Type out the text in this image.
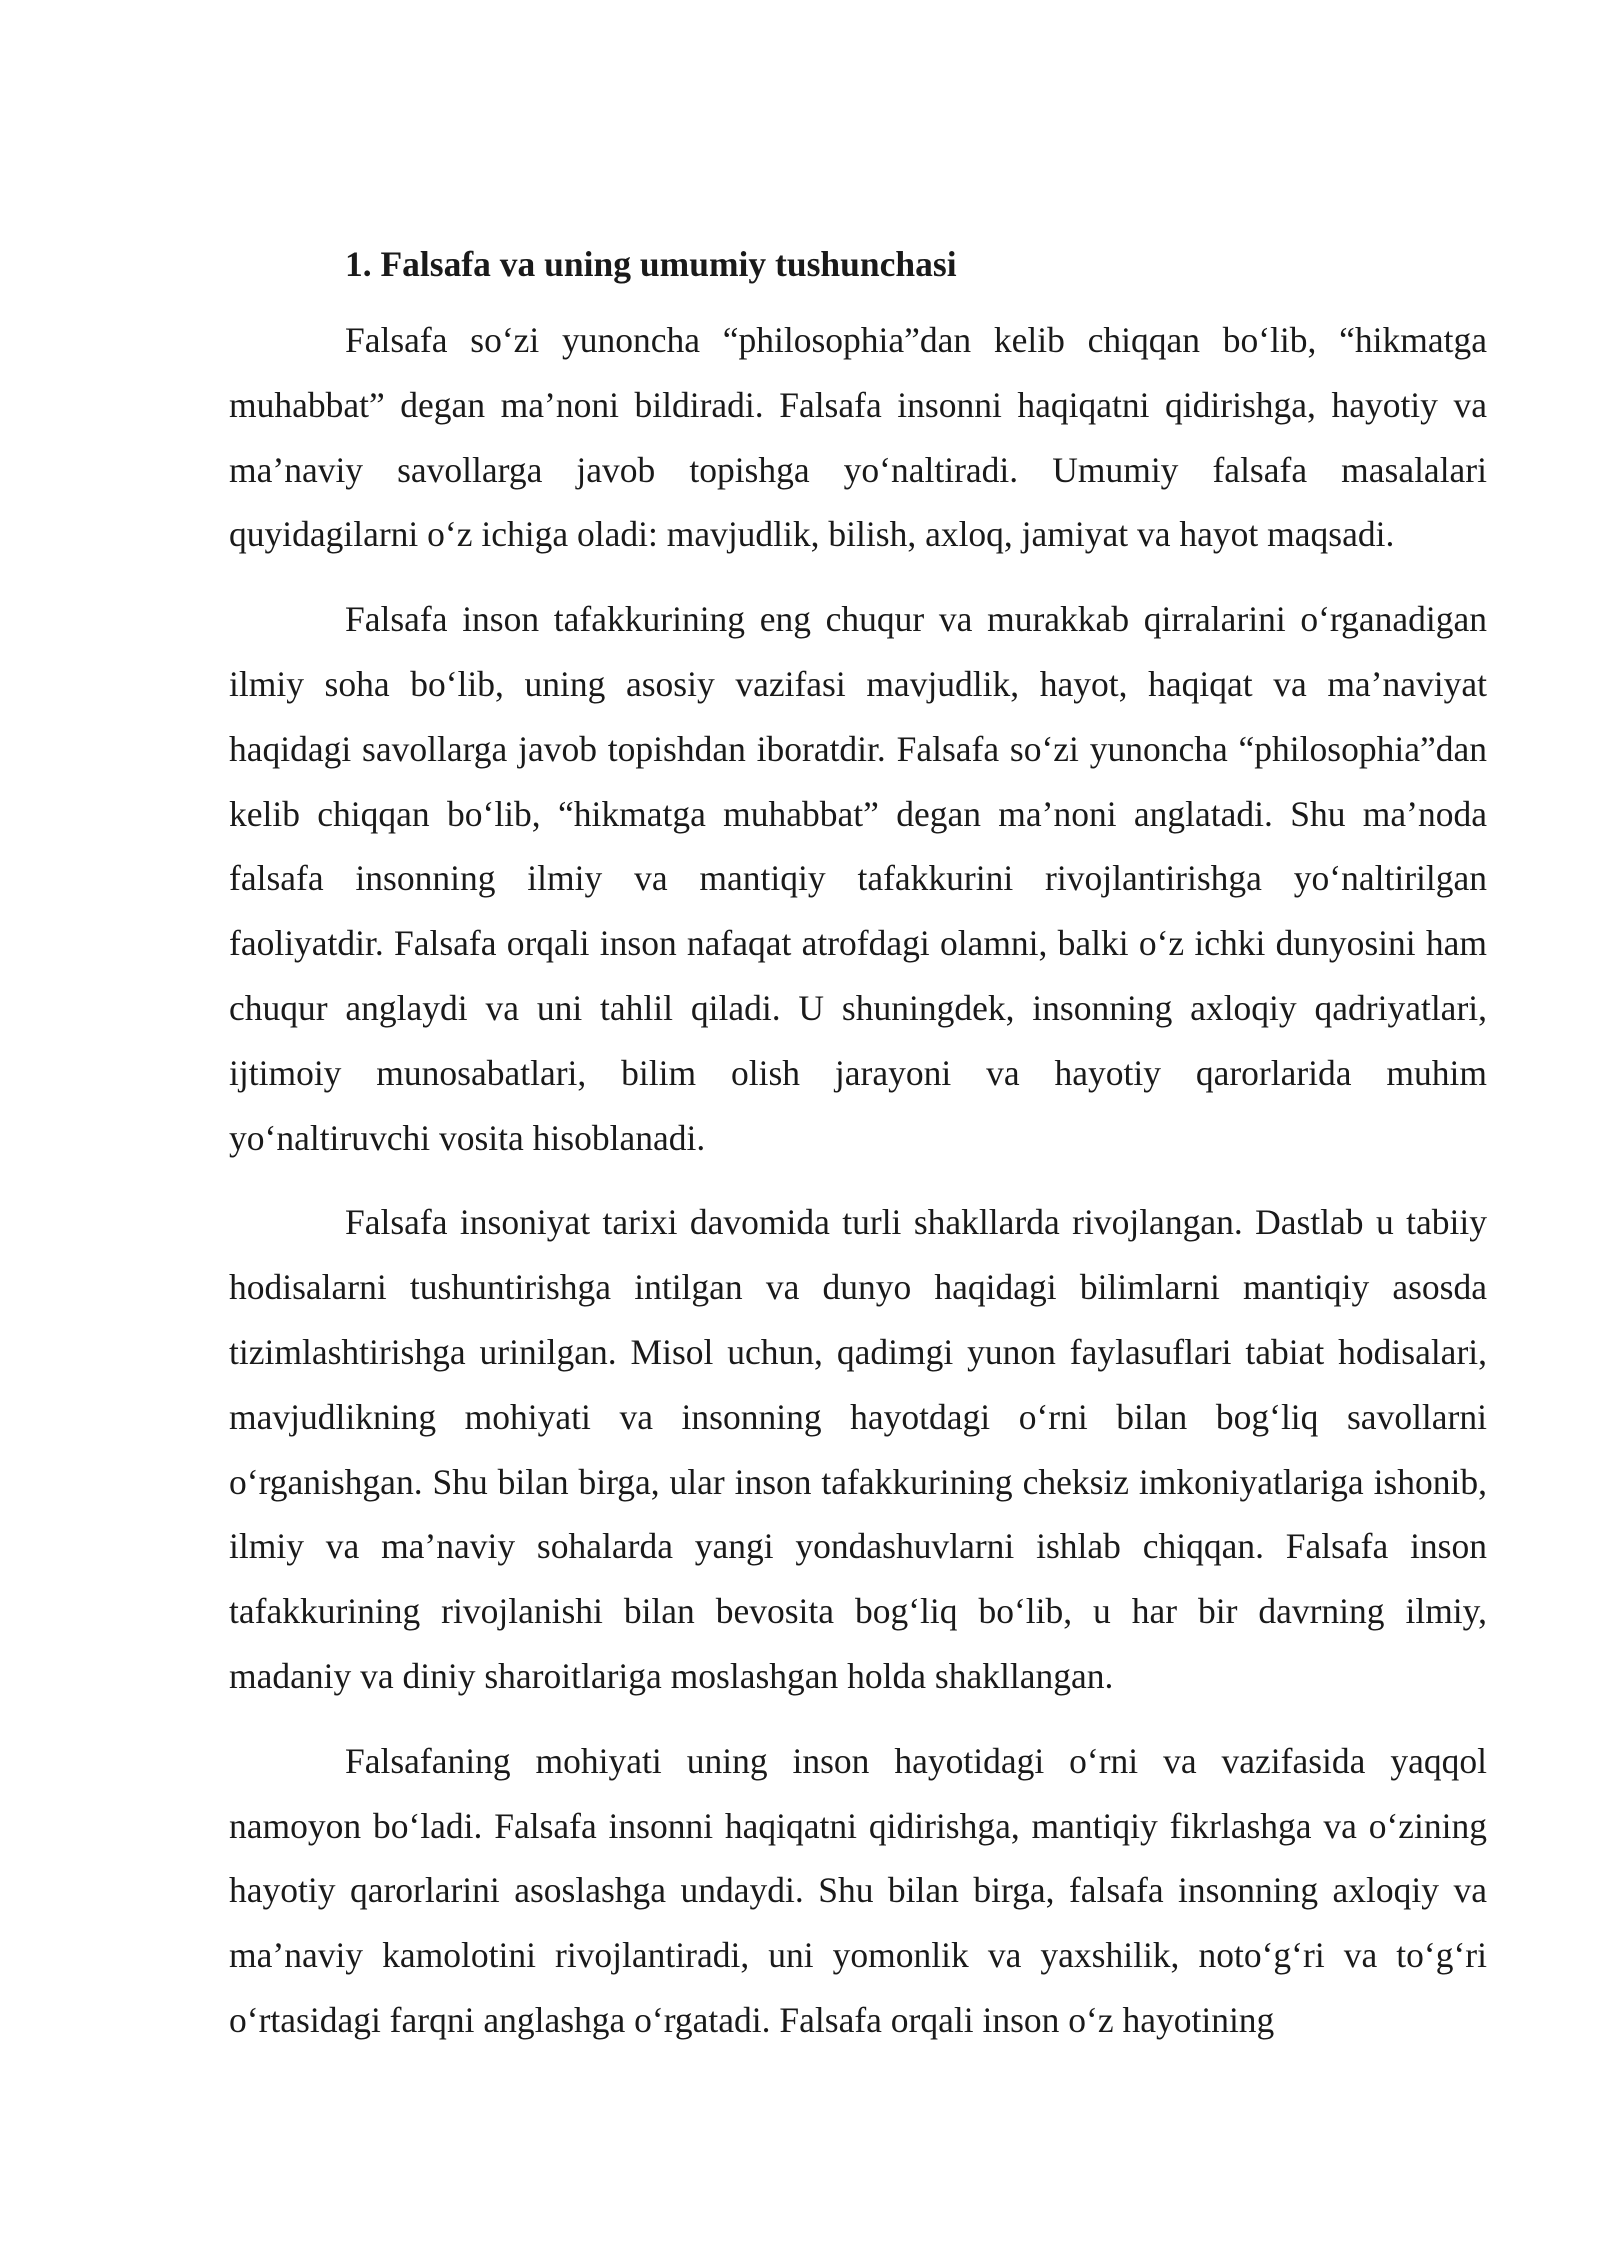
1. Falsafa va uning umumiy tushunchasi

Falsafa so‘zi yunoncha “philosophia”dan kelib chiqqan bo‘lib, “hikmatga muhabbat” degan ma’noni bildiradi. Falsafa insonni haqiqatni qidirishga, hayotiy va ma’naviy savollarga javob topishga yo‘naltiradi. Umumiy falsafa masalalari quyidagilarni o‘z ichiga oladi: mavjudlik, bilish, axloq, jamiyat va hayot maqsadi.

Falsafa inson tafakkurining eng chuqur va murakkab qirralarini o‘rganadigan ilmiy soha bo‘lib, uning asosiy vazifasi mavjudlik, hayot, haqiqat va ma’naviyat haqidagi savollarga javob topishdan iboratdir. Falsafa so‘zi yunoncha “philosophia”dan kelib chiqqan bo‘lib, “hikmatga muhabbat” degan ma’noni anglatadi. Shu ma’noda falsafa insonning ilmiy va mantiqiy tafakkurini rivojlantirishga yo‘naltirilgan faoliyatdir. Falsafa orqali inson nafaqat atrofdagi olamni, balki o‘z ichki dunyosini ham chuqur anglaydi va uni tahlil qiladi. U shuningdek, insonning axloqiy qadriyatlari, ijtimoiy munosabatlari, bilim olish jarayoni va hayotiy qarorlarida muhim yo‘naltiruvchi vosita hisoblanadi.

Falsafa insoniyat tarixi davomida turli shakllarda rivojlangan. Dastlab u tabiiy hodisalarni tushuntirishga intilgan va dunyo haqidagi bilimlarni mantiqiy asosda tizimlashtirishga urinilgan. Misol uchun, qadimgi yunon faylasuflari tabiat hodisalari, mavjudlikning mohiyati va insonning hayotdagi o‘rni bilan bog‘liq savollarni o‘rganishgan. Shu bilan birga, ular inson tafakkurining cheksiz imkoniyatlariga ishonib, ilmiy va ma’naviy sohalarda yangi yondashuvlarni ishlab chiqqan. Falsafa inson tafakkurining rivojlanishi bilan bevosita bog‘liq bo‘lib, u har bir davrning ilmiy, madaniy va diniy sharoitlariga moslashgan holda shakllangan.

Falsafaning mohiyati uning inson hayotidagi o‘rni va vazifasida yaqqol namoyon bo‘ladi. Falsafa insonni haqiqatni qidirishga, mantiqiy fikrlashga va o‘zining hayotiy qarorlarini asoslashga undaydi. Shu bilan birga, falsafa insonning axloqiy va ma’naviy kamolotini rivojlantiradi, uni yomonlik va yaxshilik, noto‘g‘ri va to‘g‘ri o‘rtasidagi farqni anglashga o‘rgatadi. Falsafa orqali inson o‘z hayotining
